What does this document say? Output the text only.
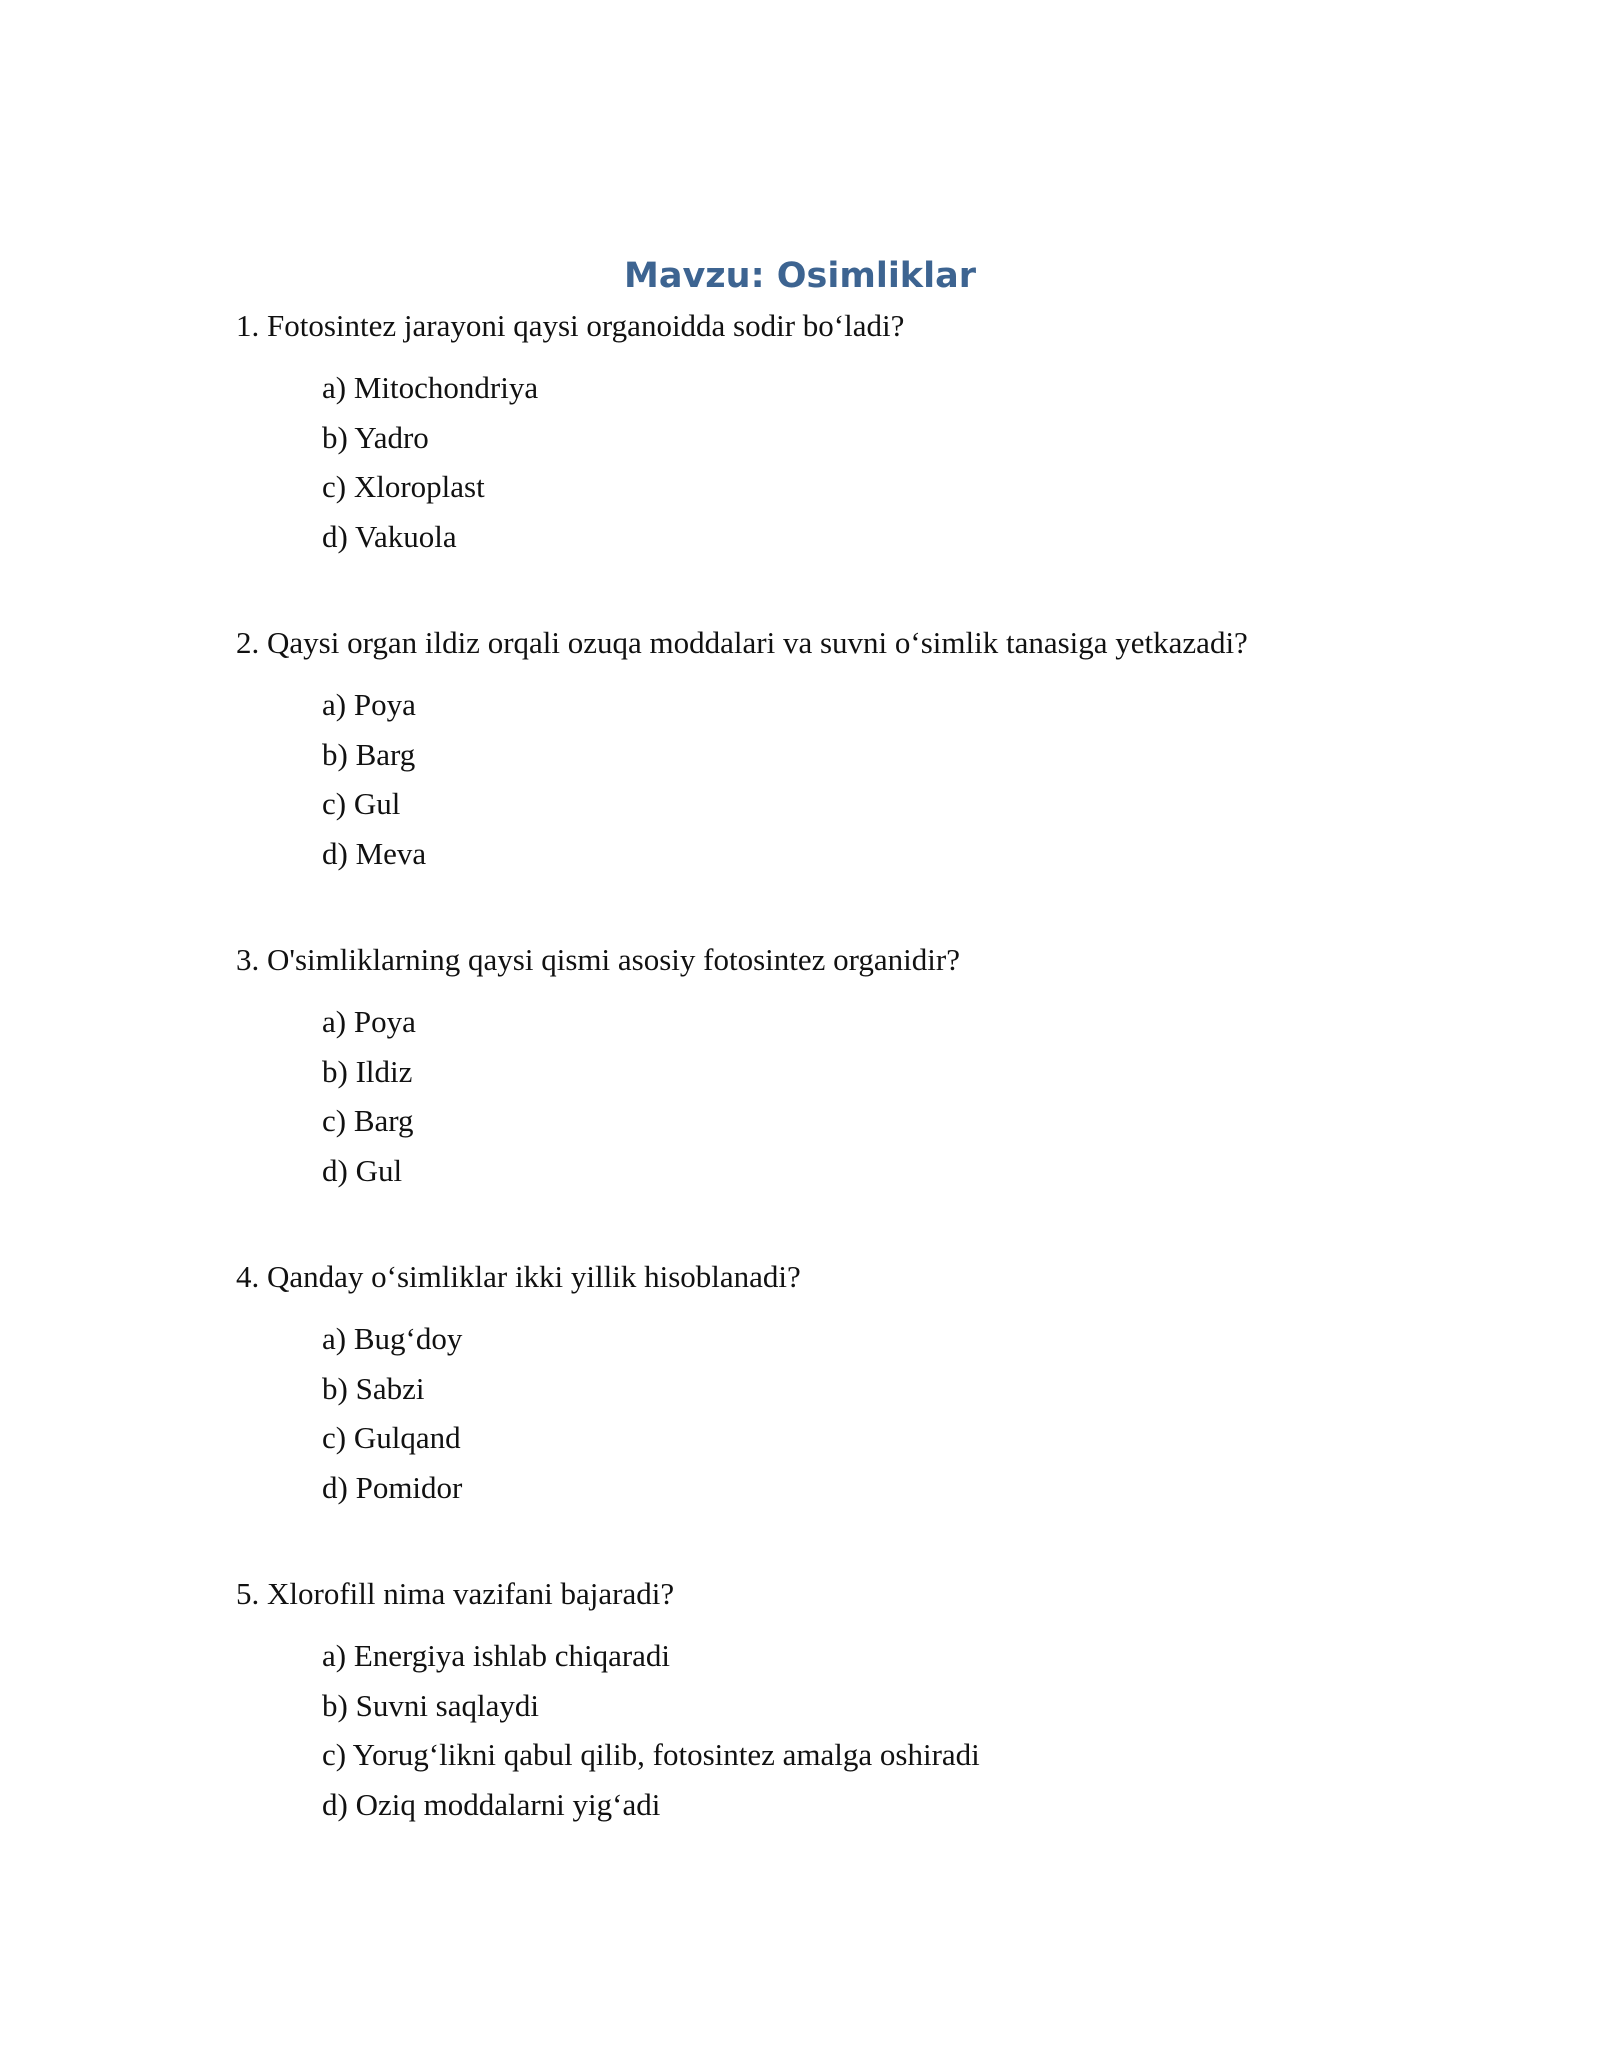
Mavzu: Osimliklar
1. Fotosintez jarayoni qaysi organoidda sodir bo‘ladi?
a) Mitochondriya
b) Yadro
c) Xloroplast
d) Vakuola
2. Qaysi organ ildiz orqali ozuqa moddalari va suvni o‘simlik tanasiga yetkazadi?
a) Poya
b) Barg
c) Gul
d) Meva
3. O'simliklarning qaysi qismi asosiy fotosintez organidir?
a) Poya
b) Ildiz
c) Barg
d) Gul
4. Qanday o‘simliklar ikki yillik hisoblanadi?
a) Bug‘doy
b) Sabzi
c) Gulqand
d) Pomidor
5. Xlorofill nima vazifani bajaradi?
a) Energiya ishlab chiqaradi
b) Suvni saqlaydi
c) Yorug‘likni qabul qilib, fotosintez amalga oshiradi
d) Oziq moddalarni yig‘adi
